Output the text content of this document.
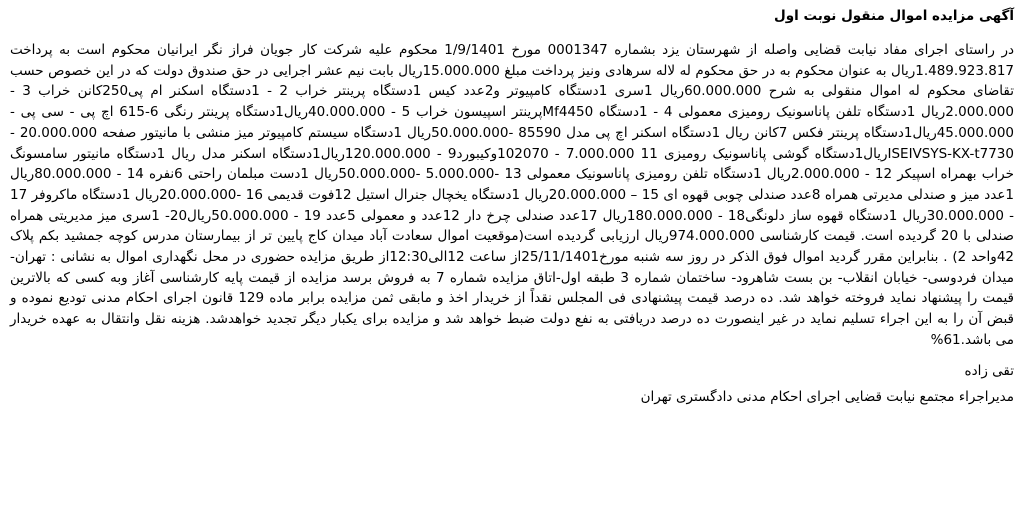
آگهی مزایده اموال منقول نوبت اول

در راستای اجرای مفاد نیابت قضایی واصله از شهرستان یزد بشماره 0001347 مورخ 1/9/1401 محکوم علیه شرکت کار جویان فراز نگر ایرانیان محکوم است به پرداخت 1.489.923.817ریال به عنوان محکوم به در حق محکوم له لاله سرهادی ونیز پرداخت مبلغ 15.000.000ریال بابت نیم عشر اجرایی در حق صندوق دولت که در این خصوص حسب تقاضای محکوم له اموال منقولی به شرح 60.000.000ریال 1سری 1دستگاه کامپیوتر و2عدد کیس 1دستگاه پرینتر خراب 2 - 1دستگاه اسکنر ام پی250کانن خراب 3 - 2.000.000ریال 1دستگاه تلفن پاناسونیک رومیزی معمولی 4 - 1دستگاه Mf4450پرینتر اسپیسون خراب 5 - 40.000.000ریال1دستگاه پرینتر رنگی 6-615 اچ پی - سی پی - 45.000.000ریال1دستگاه پرینتر فکس 7کانن ریال 1دستگاه اسکنر اچ پی مدل 85590 -50.000.000ریال 1دستگاه سیستم کامپیوتر میز منشی با مانیتور صفحه 20.000.000 - ISEIVSYS-KX-t7730ریال1دستگاه گوشی پاناسونیک رومیزی 11 7.000.000 - 102070وکیبورد9 - 120.000.000ریال1دستگاه اسکنر مدل ریال 1دستگاه مانیتور سامسونگ خراب بهمراه اسپیکر 12 - 2.000.000ریال 1دستگاه تلفن رومیزی پاناسونیک معمولی 13 -5.000.000 -50.000.000ریال 1دست مبلمان راحتی 6نفره 14 - 80.000.000ریال 1عدد میز و صندلی مدیرتی همراه 8عدد صندلی چوبی قهوه ای 15 – 20.000.000ریال 1دستگاه یخچال جنرال استیل 12فوت قدیمی 16 -20.000.000ریال 1دستگاه ماکروفر 17 - 30.000.000ریال 1دستگاه قهوه ساز دلونگی18 - 180.000.000ریال 17عدد صندلی چرخ دار 12عدد و معمولی 5عدد 19 - 50.000.000ریال20- 1سری میز مدیریتی همراه صندلی با 20 گردیده است. قیمت کارشناسی 974.000.000ریال ارزیابی گردیده است(موقعیت اموال سعادت آباد میدان کاج پایین تر از بیمارستان مدرس کوچه جمشید بکم پلاک 42واحد 2) . بنابراین مقرر گردید اموال فوق الذکر در روز سه شنبه مورخ25/11/1401از ساعت 12الی12:30از طریق مزایده حضوری در محل نگهداری اموال به نشانی : تهران- میدان فردوسی- خیابان انقلاب- بن بست شاهرود- ساختمان شماره 3 طبقه اول-اتاق مزایده شماره 7 به فروش برسد مزایده از قیمت پایه کارشناسی آغاز وبه کسی که بالاترین قیمت را پیشنهاد نماید فروخته خواهد شد. ده درصد قیمت پیشنهادی فی المجلس نقداً از خریدار اخذ و مابقی ثمن مزایده برابر ماده 129 قانون اجرای احکام مدنی تودیع نموده و قبض آن را به این اجراء تسلیم نماید در غیر اینصورت ده درصد دریافتی به نفع دولت ضبط خواهد شد و مزایده برای یکبار دیگر تجدید خواهدشد. هزینه نقل وانتقال به عهده خریدار می باشد.61%

تقی زاده
مدیراجراء مجتمع نیابت قضایی اجرای احکام مدنی دادگستری تهران
